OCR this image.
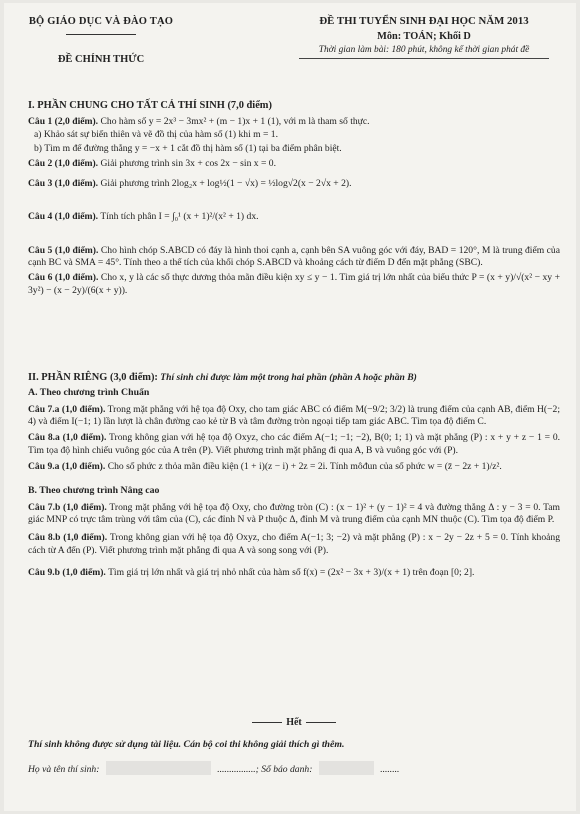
BỘ GIÁO DỤC VÀ ĐÀO TẠO
ĐỀ CHÍNH THỨC
ĐỀ THI TUYỂN SINH ĐẠI HỌC NĂM 2013
Môn: TOÁN; Khối D
Thời gian làm bài: 180 phút, không kể thời gian phát đề
I. PHẦN CHUNG CHO TẤT CẢ THÍ SINH (7,0 điểm)

Câu 1 (2,0 điểm). Cho hàm số y = 2x³ − 3mx² + (m − 1)x + 1 (1), với m là tham số thực.

a) Khảo sát sự biến thiên và vẽ đồ thị của hàm số (1) khi m = 1.

b) Tìm m để đường thẳng y = −x + 1 cắt đồ thị hàm số (1) tại ba điểm phân biệt.

Câu 2 (1,0 điểm). Giải phương trình sin 3x + cos 2x − sin x = 0.

Câu 3 (1,0 điểm). Giải phương trình 2log₂x + log½(1 − √x) = ½log√2(x − 2√x + 2).

Câu 4 (1,0 điểm). Tính tích phân I = ∫₀¹ (x + 1)²/(x² + 1) dx.

Câu 5 (1,0 điểm). Cho hình chóp S.ABCD có đáy là hình thoi cạnh a, cạnh bên SA vuông góc với đáy, BAD = 120°, M là trung điểm của cạnh BC và SMA = 45°. Tính theo a thể tích của khối chóp S.ABCD và khoảng cách từ điểm D đến mặt phẳng (SBC).

Câu 6 (1,0 điểm). Cho x, y là các số thực dương thỏa mãn điều kiện xy ≤ y − 1. Tìm giá trị lớn nhất của biểu thức P = (x + y)/√(x² − xy + 3y²) − (x − 2y)/(6(x + y)).

II. PHẦN RIÊNG (3,0 điểm): Thí sinh chỉ được làm một trong hai phần (phần A hoặc phần B)
A. Theo chương trình Chuẩn

Câu 7.a (1,0 điểm). Trong mặt phẳng với hệ tọa độ Oxy, cho tam giác ABC có điểm M(−9/2; 3/2) là trung điểm của cạnh AB, điểm H(−2; 4) và điểm I(−1; 1) lần lượt là chân đường cao kẻ từ B và tâm đường tròn ngoại tiếp tam giác ABC. Tìm tọa độ điểm C.

Câu 8.a (1,0 điểm). Trong không gian với hệ tọa độ Oxyz, cho các điểm A(−1; −1; −2), B(0; 1; 1) và mặt phẳng (P) : x + y + z − 1 = 0. Tìm tọa độ hình chiếu vuông góc của A trên (P). Viết phương trình mặt phẳng đi qua A, B và vuông góc với (P).

Câu 9.a (1,0 điểm). Cho số phức z thỏa mãn điều kiện (1 + i)(z − i) + 2z = 2i. Tính môđun của số phức w = (z̄ − 2z + 1)/z².

B. Theo chương trình Nâng cao

Câu 7.b (1,0 điểm). Trong mặt phẳng với hệ tọa độ Oxy, cho đường tròn (C) : (x − 1)² + (y − 1)² = 4 và đường thẳng Δ : y − 3 = 0. Tam giác MNP có trực tâm trùng với tâm của (C), các đỉnh N và P thuộc Δ, đỉnh M và trung điểm của cạnh MN thuộc (C). Tìm tọa độ điểm P.

Câu 8.b (1,0 điểm). Trong không gian với hệ tọa độ Oxyz, cho điểm A(−1; 3; −2) và mặt phẳng (P) : x − 2y − 2z + 5 = 0. Tính khoảng cách từ A đến (P). Viết phương trình mặt phẳng đi qua A và song song với (P).

Câu 9.b (1,0 điểm). Tìm giá trị lớn nhất và giá trị nhỏ nhất của hàm số f(x) = (2x² − 3x + 3)/(x + 1) trên đoạn [0; 2].

Hết

Thí sinh không được sử dụng tài liệu. Cán bộ coi thi không giải thích gì thêm.

Họ và tên thí sinh:	................; Số báo danh:	........
